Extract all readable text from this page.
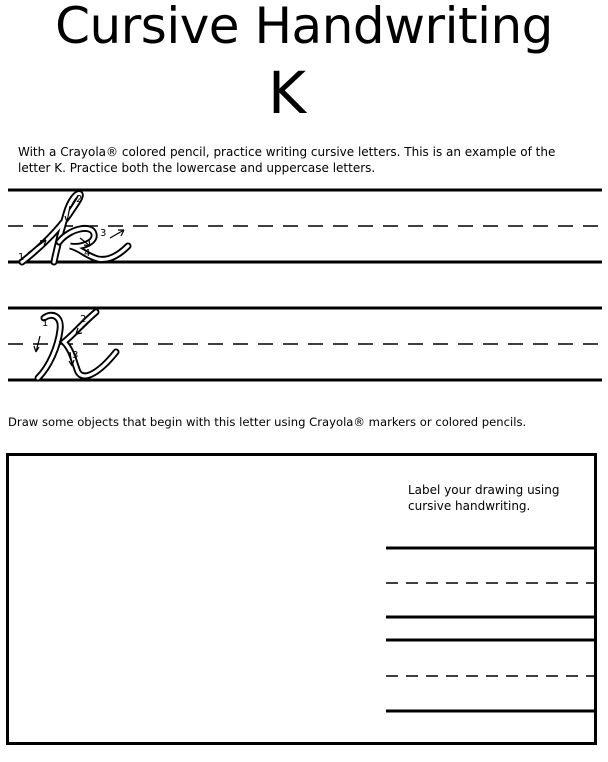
Cursive Handwriting
K
With a Crayola® colored pencil, practice writing cursive letters. This is an example of the letter K. Practice both the lowercase and uppercase letters.
1
2
3
4
1	2
3
Draw some objects that begin with this letter using Crayola® markers or colored pencils.
Label your drawing using cursive handwriting.
